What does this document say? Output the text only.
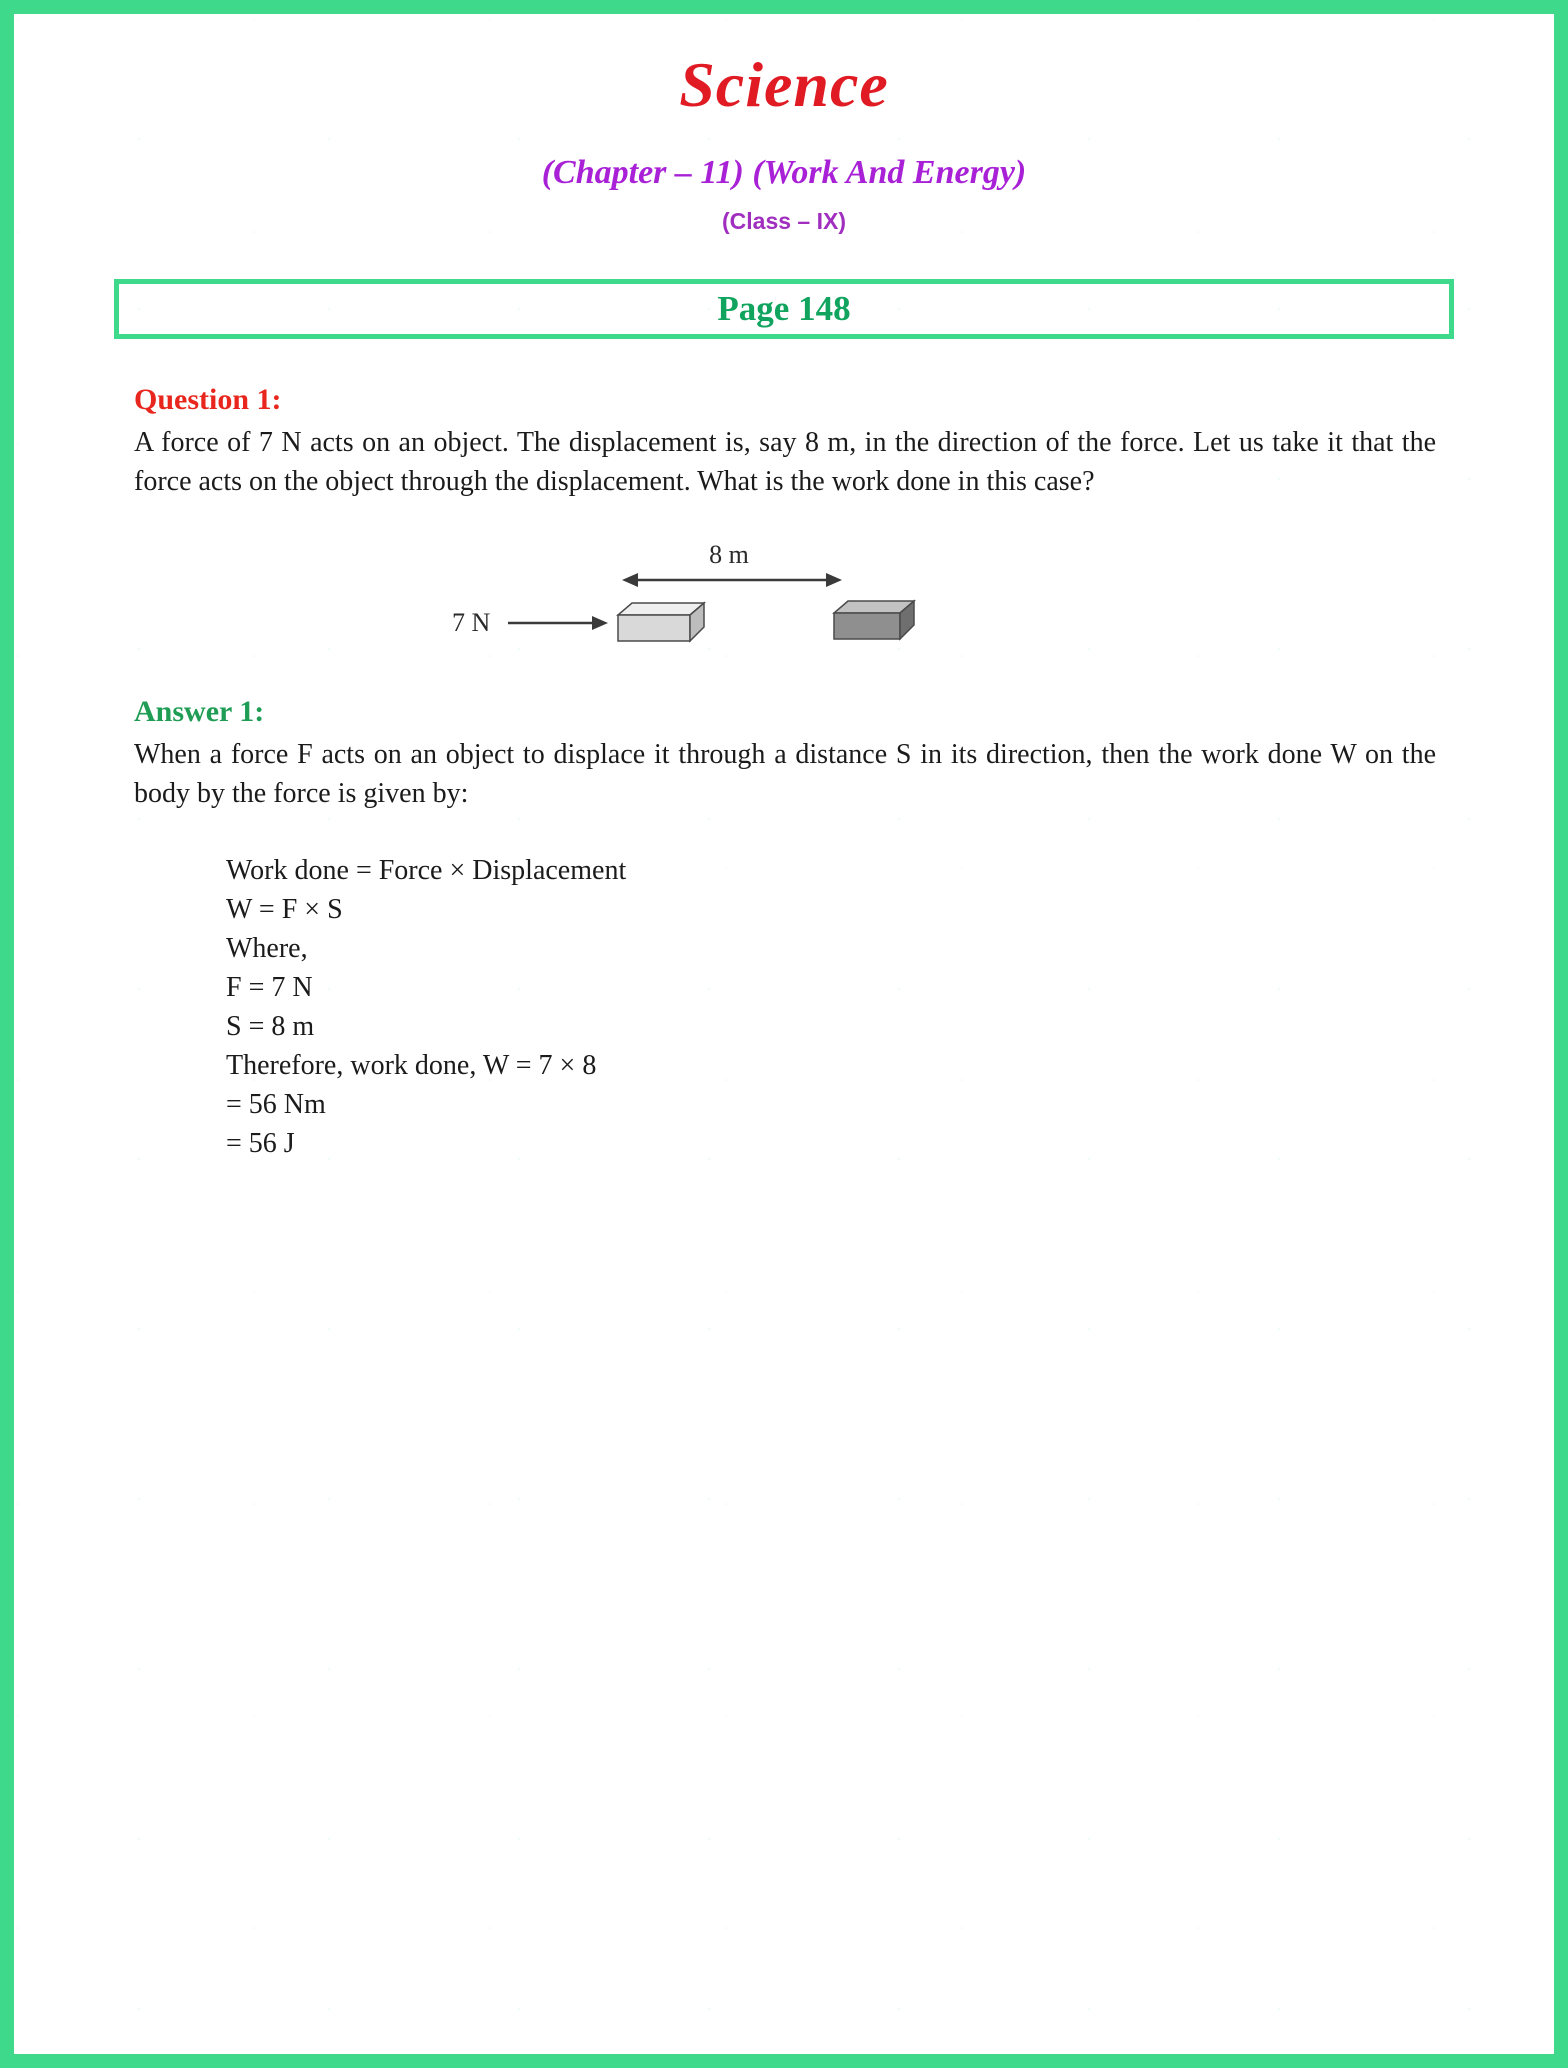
Science
(Chapter – 11) (Work And Energy)
(Class – IX)
Page 148
Question 1:

A force of 7 N acts on an object. The displacement is, say 8 m, in the direction of the force. Let us take it that the force acts on the object through the displacement. What is the work done in this case?

8 m
7 N
Answer 1:

When a force F acts on an object to displace it through a distance S in its direction, then the work done W on the body by the force is given by:

Work done = Force × Displacement
W = F × S
Where,
F = 7 N
S = 8 m
Therefore, work done, W = 7 × 8
= 56 Nm
= 56 J
